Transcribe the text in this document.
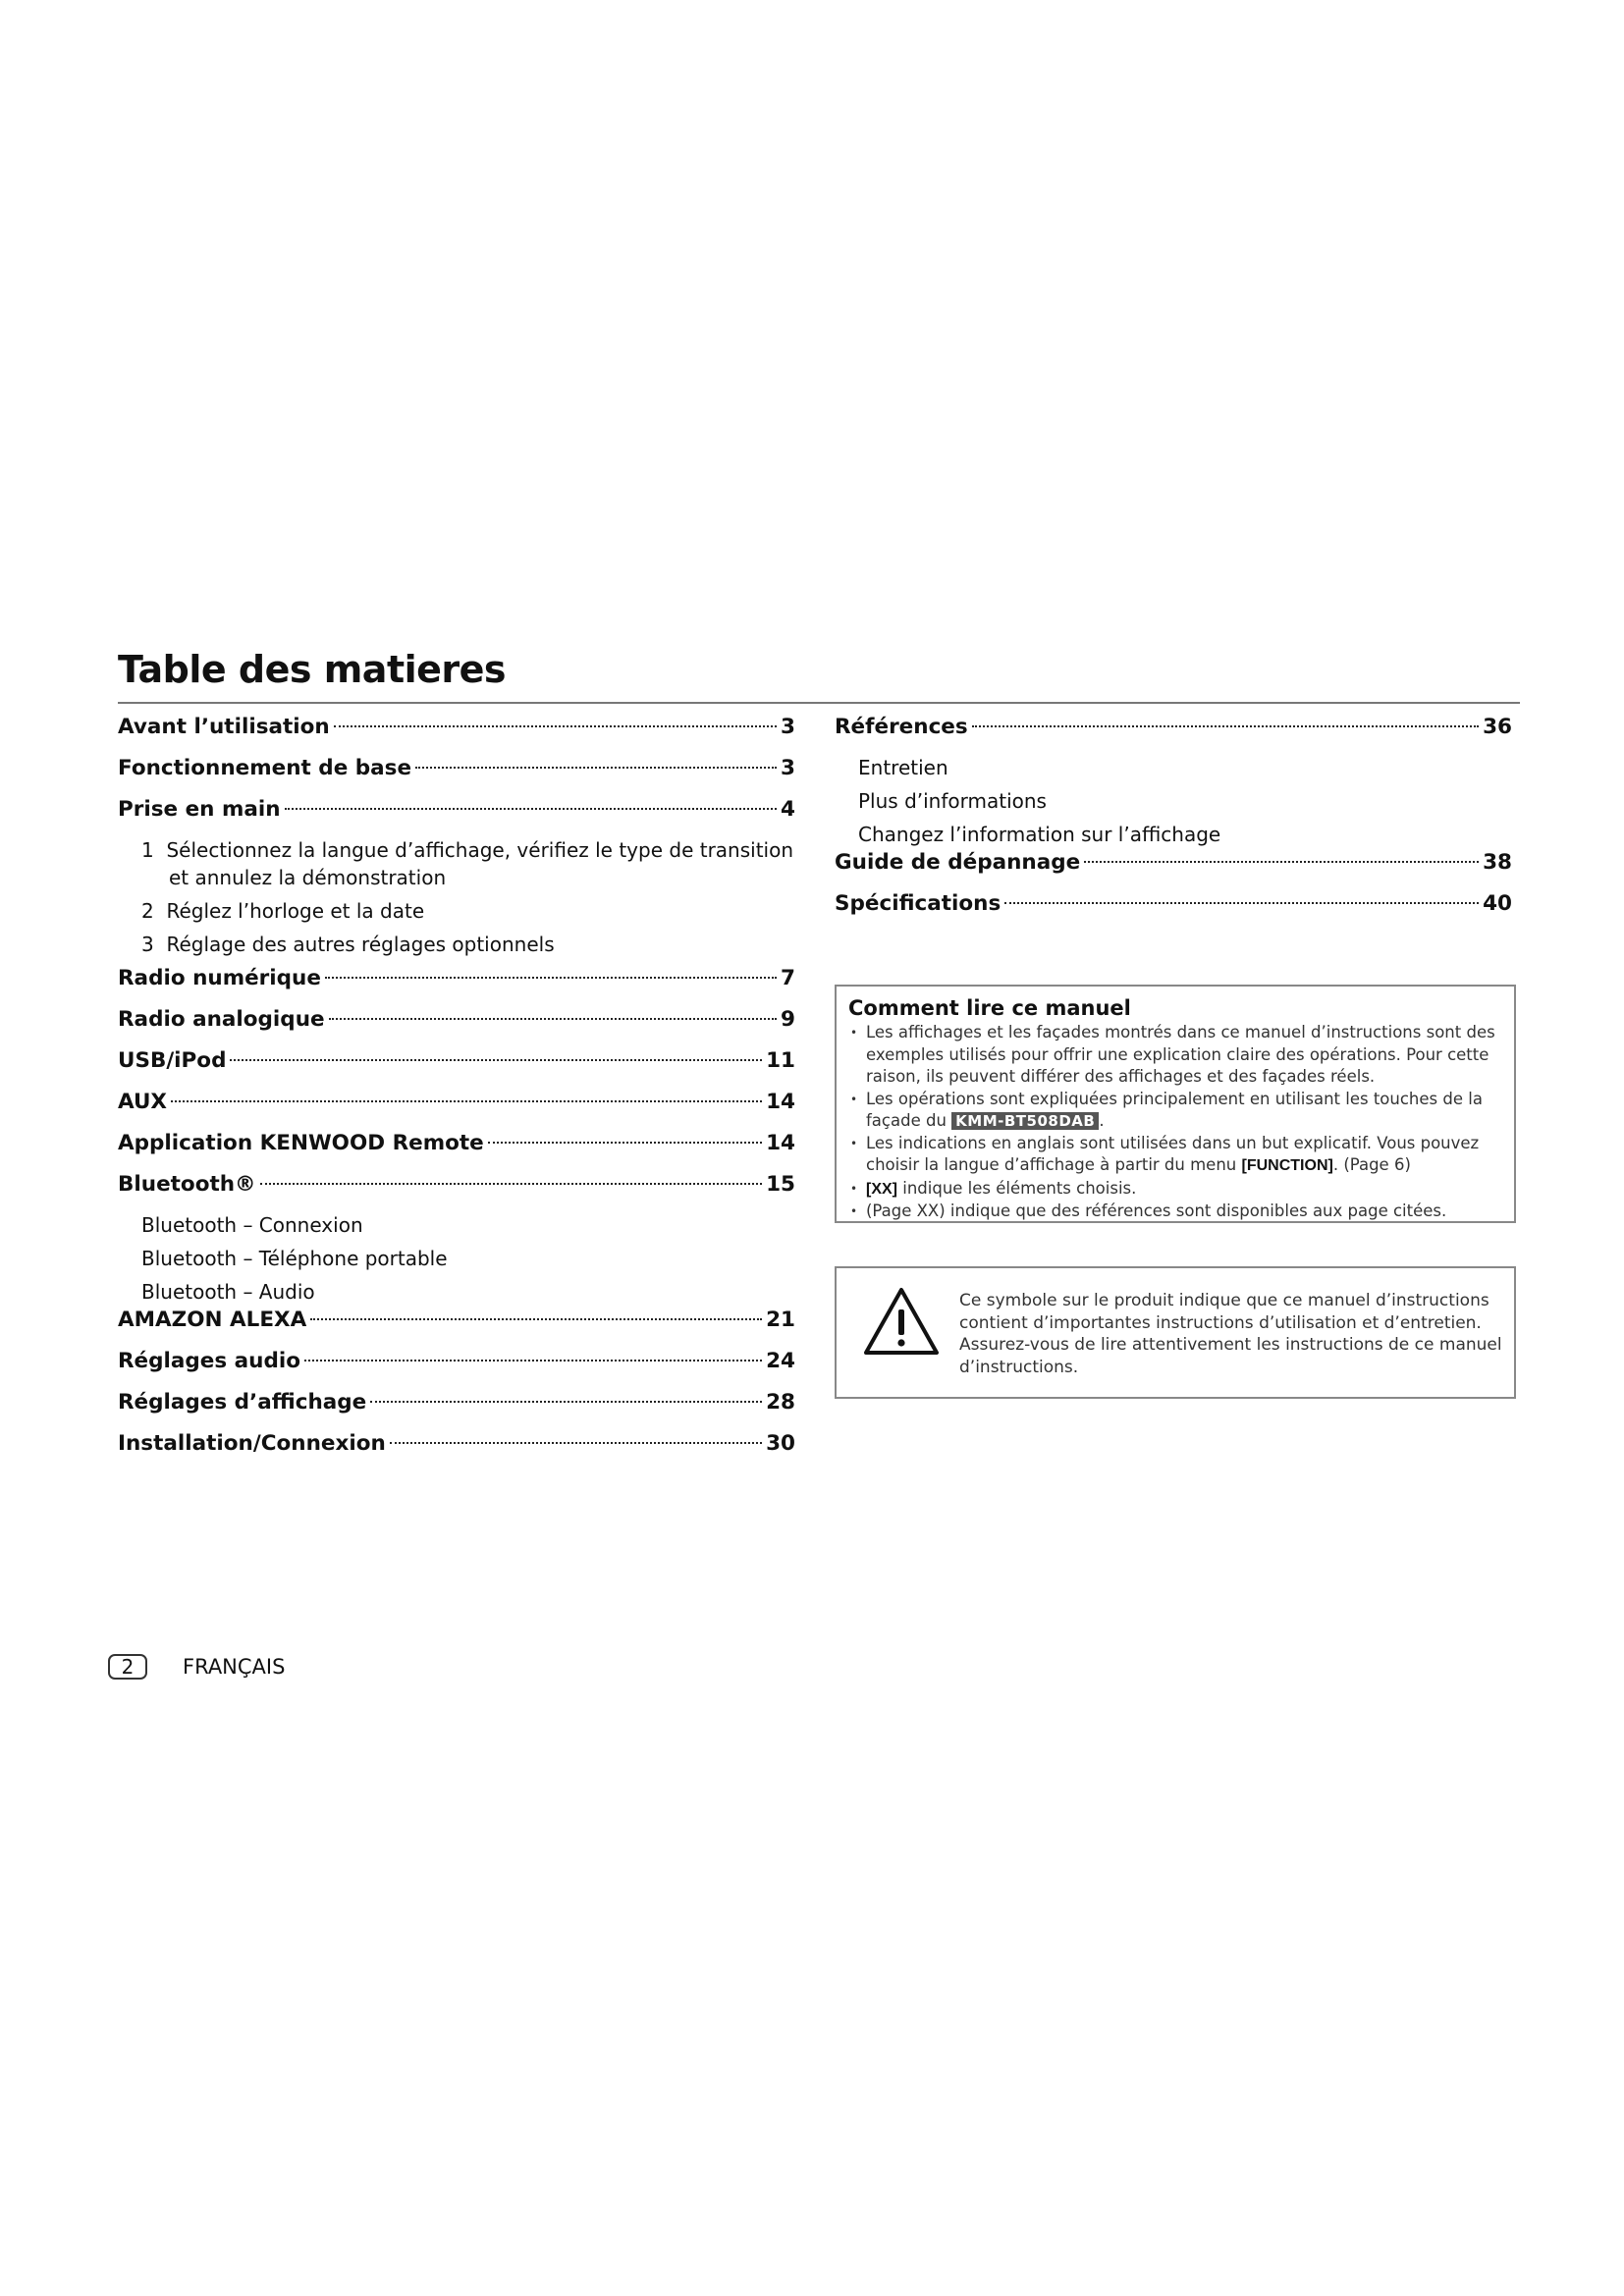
Table des matieres
Avant l’utilisation	3
Fonctionnement de base	3
Prise en main	4
1 Sélectionnez la langue d’affichage, vérifiez le type de transition
et annulez la démonstration
2 Réglez l’horloge et la date
3 Réglage des autres réglages optionnels
Radio numérique	7
Radio analogique	9
USB/iPod	11
AUX	14
Application KENWOOD Remote	14
Bluetooth®	15
Bluetooth – Connexion
Bluetooth – Téléphone portable
Bluetooth – Audio
AMAZON ALEXA	21
Réglages audio	24
Réglages d’affichage	28
Installation/Connexion	30
Références	36
Entretien
Plus d’informations
Changez l’information sur l’affichage
Guide de dépannage	38
Spécifications	40
Comment lire ce manuel
• Les affichages et les façades montrés dans ce manuel d’instructions sont des exemples utilisés pour offrir une explication claire des opérations. Pour cette raison, ils peuvent différer des affichages et des façades réels.
• Les opérations sont expliquées principalement en utilisant les touches de la façade du KMM-BT508DAB .
• Les indications en anglais sont utilisées dans un but explicatif. Vous pouvez choisir la langue d’affichage à partir du menu [FUNCTION]. (Page 6)
• [XX] indique les éléments choisis.
• (Page XX) indique que des références sont disponibles aux page citées.
Ce symbole sur le produit indique que ce manuel d’instructions contient d’importantes instructions d’utilisation et d’entretien. Assurez-vous de lire attentivement les instructions de ce manuel d’instructions.
2	FRANÇAIS
